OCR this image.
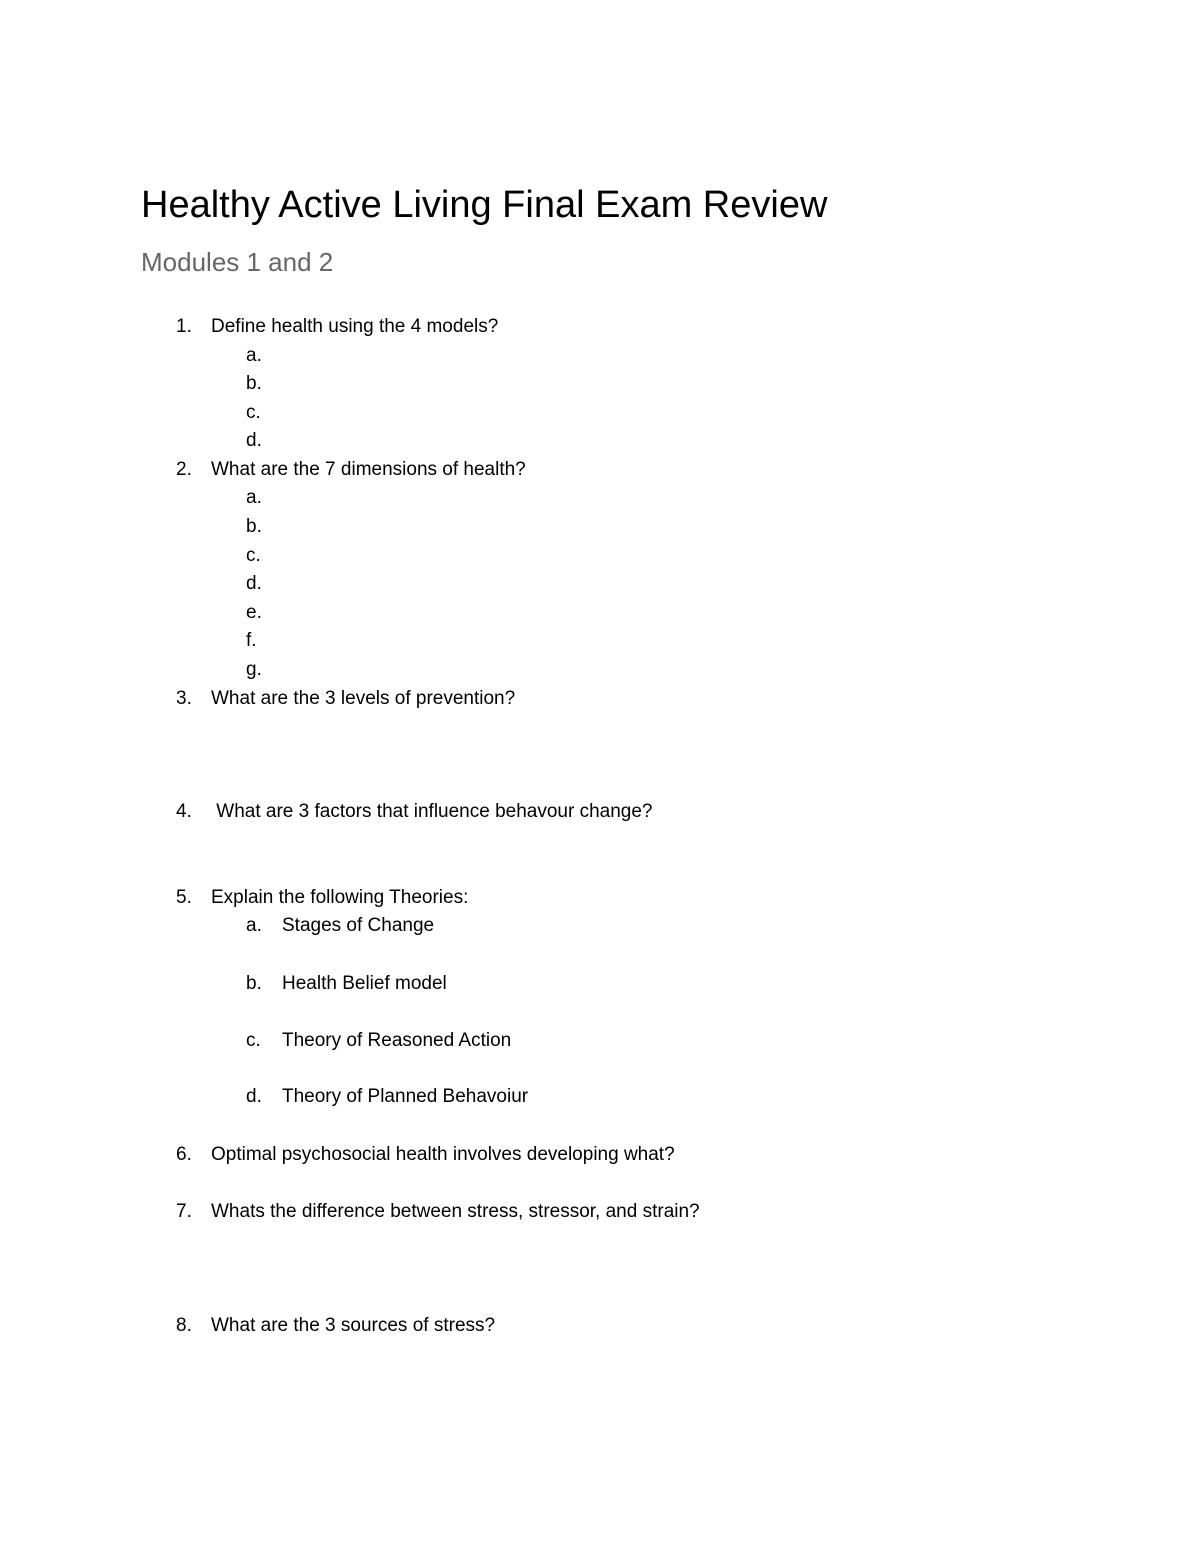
Healthy Active Living Final Exam Review
Modules 1 and 2
1.	Define health using the 4 models?
a.
b.
c.
d.
2.	What are the 7 dimensions of health?
a.
b.
c.
d.
e.
f.
g.
3.	What are the 3 levels of prevention?
4.	What are 3 factors that influence behavour change?
5.	Explain the following Theories:
a.	Stages of Change
b.	Health Belief model
c.	Theory of Reasoned Action
d.	Theory of Planned Behavoiur
6.	Optimal psychosocial health involves developing what?
7.	Whats the difference between stress, stressor, and strain?
8.	What are the 3 sources of stress?
